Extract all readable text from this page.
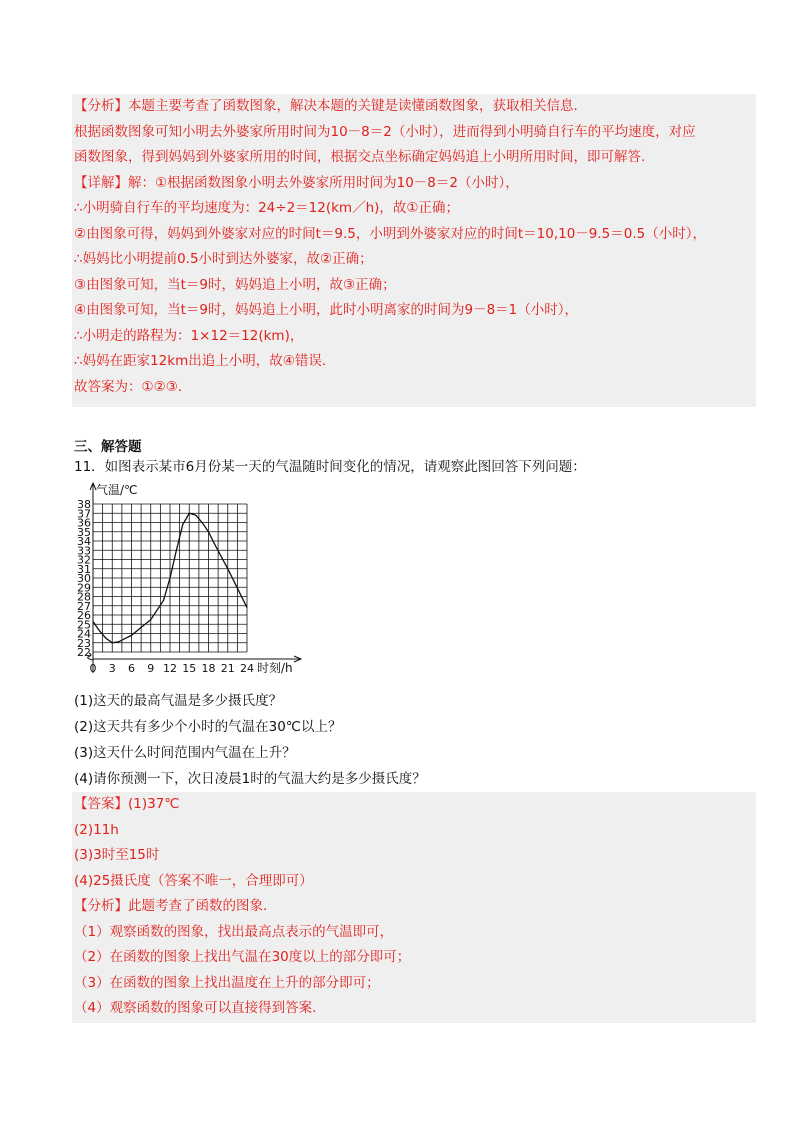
【分析】本题主要考查了函数图象，解决本题的关键是读懂函数图象，获取相关信息.
根据函数图象可知小明去外婆家所用时间为10－8＝2（小时），进而得到小明骑自行车的平均速度，对应
函数图象，得到妈妈到外婆家所用的时间，根据交点坐标确定妈妈追上小明所用时间，即可解答.
【详解】解：①根据函数图象小明去外婆家所用时间为10－8＝2（小时），
∴小明骑自行车的平均速度为：24÷2＝12(km／h)，故①正确；
②由图象可得，妈妈到外婆家对应的时间t＝9.5，小明到外婆家对应的时间t＝10,10－9.5＝0.5（小时），
∴妈妈比小明提前0.5小时到达外婆家，故②正确；
③由图象可知，当t＝9时，妈妈追上小明，故③正确；
④由图象可知，当t＝9时，妈妈追上小明，此时小明离家的时间为9－8＝1（小时），
∴小明走的路程为：1×12＝12(km)，
∴妈妈在距家12km出追上小明，故④错误.
故答案为：①②③.
三、解答题
11．如图表示某市6月份某一天的气温随时间变化的情况，请观察此图回答下列问题：
22
23
24
25
26
27
28
29
30
31
32
33
34
35
36
37
38
0 3 6 9 12 15 18 21 24
气温/℃
时刻/h
(1)这天的最高气温是多少摄氏度？
(2)这天共有多少个小时的气温在30℃以上？
(3)这天什么时间范围内气温在上升？
(4)请你预测一下，次日凌晨1时的气温大约是多少摄氏度？
【答案】(1)37℃
(2)11h
(3)3时至15时
(4)25摄氏度（答案不唯一，合理即可）
【分析】此题考查了函数的图象.
（1）观察函数的图象，找出最高点表示的气温即可，
（2）在函数的图象上找出气温在30度以上的部分即可；
（3）在函数的图象上找出温度在上升的部分即可；
（4）观察函数的图象可以直接得到答案.
